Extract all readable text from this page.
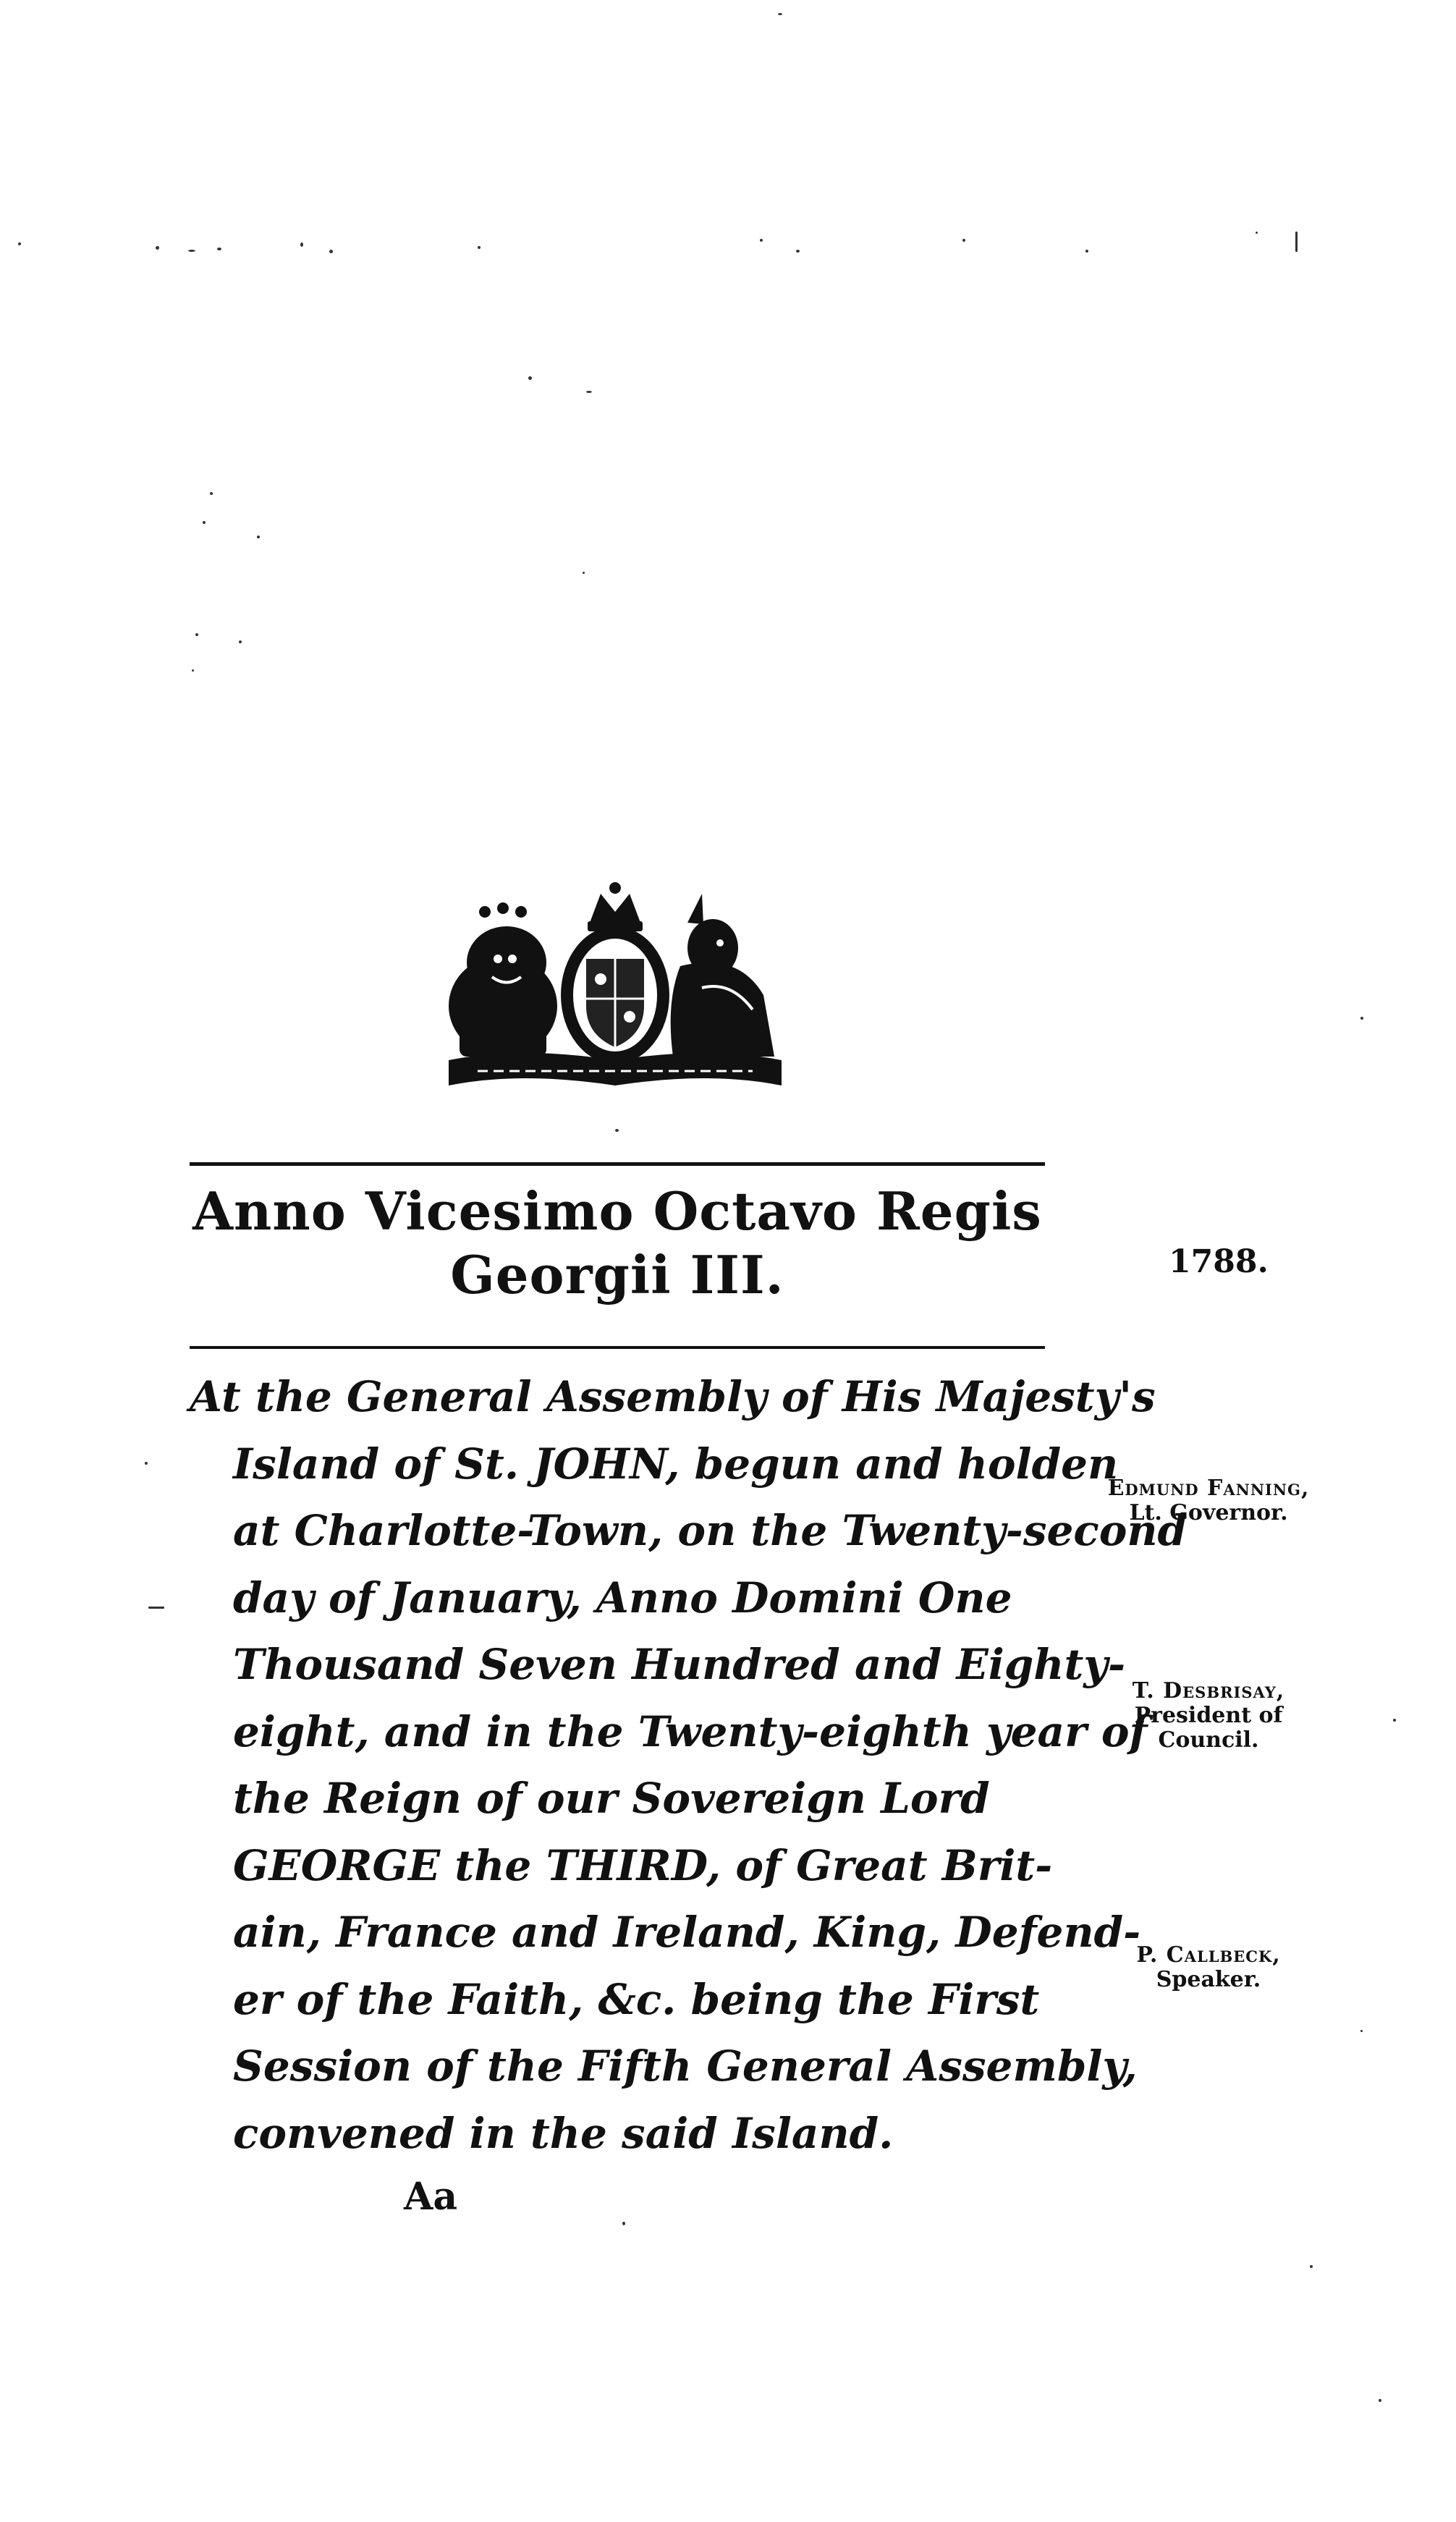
Anno Vicesimo Octavo Regis
Georgii III.	1788.
At the General Assembly of His Majesty's
Island of St. JOHN, begun and holden
at Charlotte-Town, on the Twenty-second
day of January, Anno Domini One
Thousand Seven Hundred and Eighty-
eight, and in the Twenty-eighth year of
the Reign of our Sovereign Lord
GEORGE the THIRD, of Great Brit-
ain, France and Ireland, King, Defend-
er of the Faith, &c. being the First
Session of the Fifth General Assembly,
convened in the said Island.
Edmund Fanning,
Lt. Governor.
T. Desbrisay,
President of
Council.
P. Callbeck,
Speaker.
Aa
